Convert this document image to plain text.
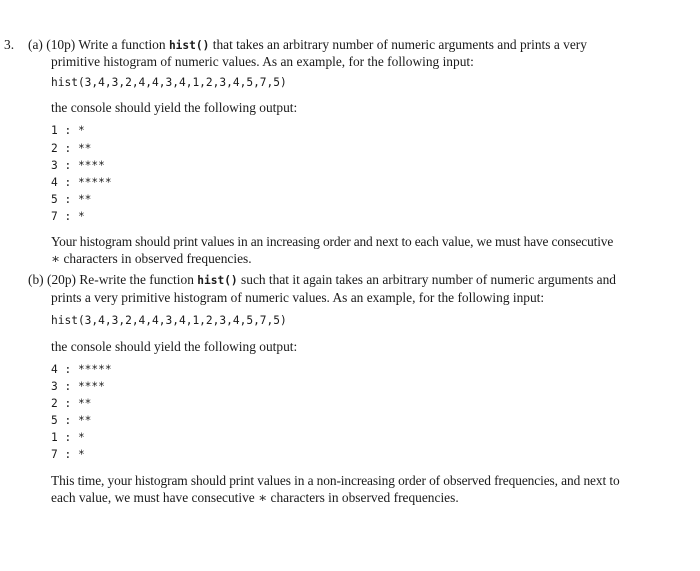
3. (a) (10p) Write a function hist() that takes an arbitrary number of numeric arguments and prints a very
primitive histogram of numeric values. As an example, for the following input:
hist(3,4,3,2,4,4,3,4,1,2,3,4,5,7,5)
the console should yield the following output:
1 : *
2 : **
3 : ****
4 : *****
5 : **
7 : *
Your histogram should print values in an increasing order and next to each value, we must have consecutive
∗ characters in observed frequencies.
(b) (20p) Re-write the function hist() such that it again takes an arbitrary number of numeric arguments and
prints a very primitive histogram of numeric values. As an example, for the following input:
hist(3,4,3,2,4,4,3,4,1,2,3,4,5,7,5)
the console should yield the following output:
4 : *****
3 : ****
2 : **
5 : **
1 : *
7 : *
This time, your histogram should print values in a non-increasing order of observed frequencies, and next to
each value, we must have consecutive ∗ characters in observed frequencies.
